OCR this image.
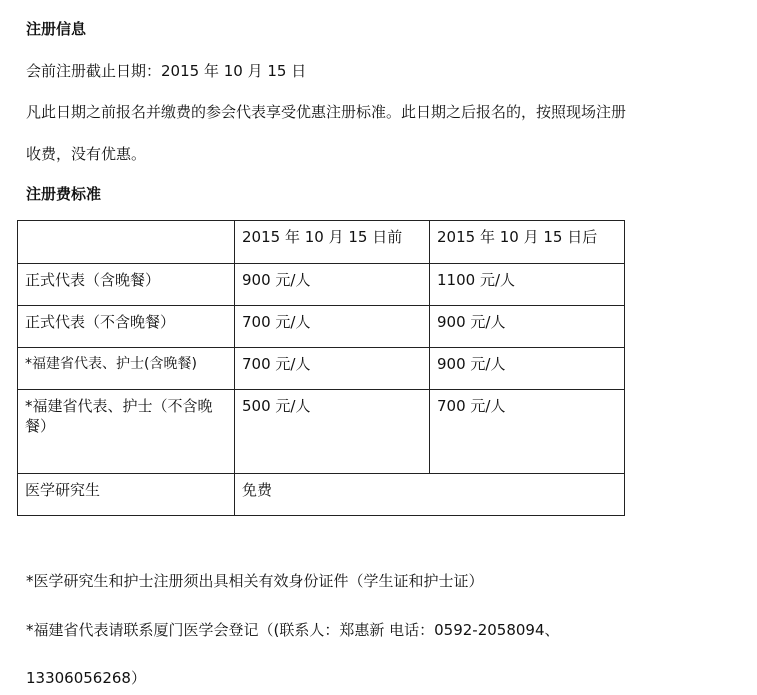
注册信息

会前注册截止日期：2015 年 10 月 15 日

凡此日期之前报名并缴费的参会代表享受优惠注册标准。此日期之后报名的，按照现场注册

收费，没有优惠。

注册费标准

	2015 年 10 月 15 日前	2015 年 10 月 15 日后
正式代表（含晚餐）	900 元/人	1100 元/人
正式代表（不含晚餐）	700 元/人	900 元/人
*福建省代表、护士(含晚餐)	700 元/人	900 元/人
*福建省代表、护士（不含晚餐）	500 元/人	700 元/人
医学研究生	免费	

*医学研究生和护士注册须出具相关有效身份证件（学生证和护士证）

*福建省代表请联系厦门医学会登记（(联系人：郑惠新 电话：0592-2058094、

13306056268）
